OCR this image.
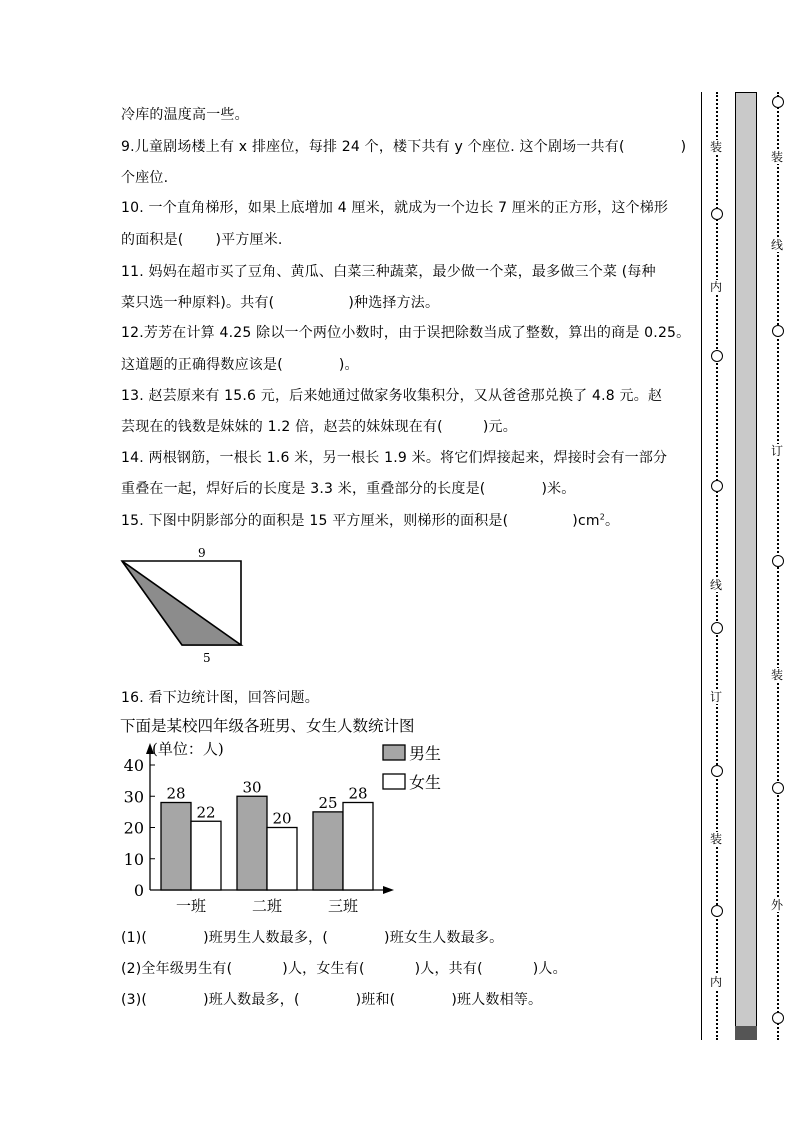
冷库的温度高一些。
9.儿童剧场楼上有 x 排座位，每排 24 个，楼下共有 y 个座位. 这个剧场一共有(	)
个座位.
10. 一个直角梯形，如果上底增加 4 厘米，就成为一个边长 7 厘米的正方形，这个梯形
的面积是( )平方厘米.
11. 妈妈在超市买了豆角、黄瓜、白菜三种蔬菜，最少做一个菜，最多做三个菜 (每种
菜只选一种原料)。共有(	)种选择方法。
12.芳芳在计算 4.25 除以一个两位小数时，由于误把除数当成了整数，算出的商是 0.25。
这道题的正确得数应该是(	)。
13. 赵芸原来有 15.6 元，后来她通过做家务收集积分，又从爸爸那兑换了 4.8 元。赵
芸现在的钱数是妹妹的 1.2 倍，赵芸的妹妹现在有(	)元。
14. 两根钢筋，一根长 1.6 米，另一根长 1.9 米。将它们焊接起来，焊接时会有一部分
重叠在一起，焊好后的长度是 3.3 米，重叠部分的长度是(	)米。
15. 下图中阴影部分的面积是 15 平方厘米，则梯形的面积是(	)$cm^2$。
9
5
16. 看下边统计图，回答问题。
下面是某校四年级各班男、女生人数统计图
(单位：人)
0
10
20
30
40
28
22
一班
30
20
二班
25
28
三班
男生
女生
(1)(	)班男生人数最多，(	)班女生人数最多。
(2)全年级男生有(	)人，女生有(	)人，共有(	)人。
(3)(	)班人数最多，(	)班和(	)班人数相等。
装
内
线
订
装
内
装
线
订
装
外
